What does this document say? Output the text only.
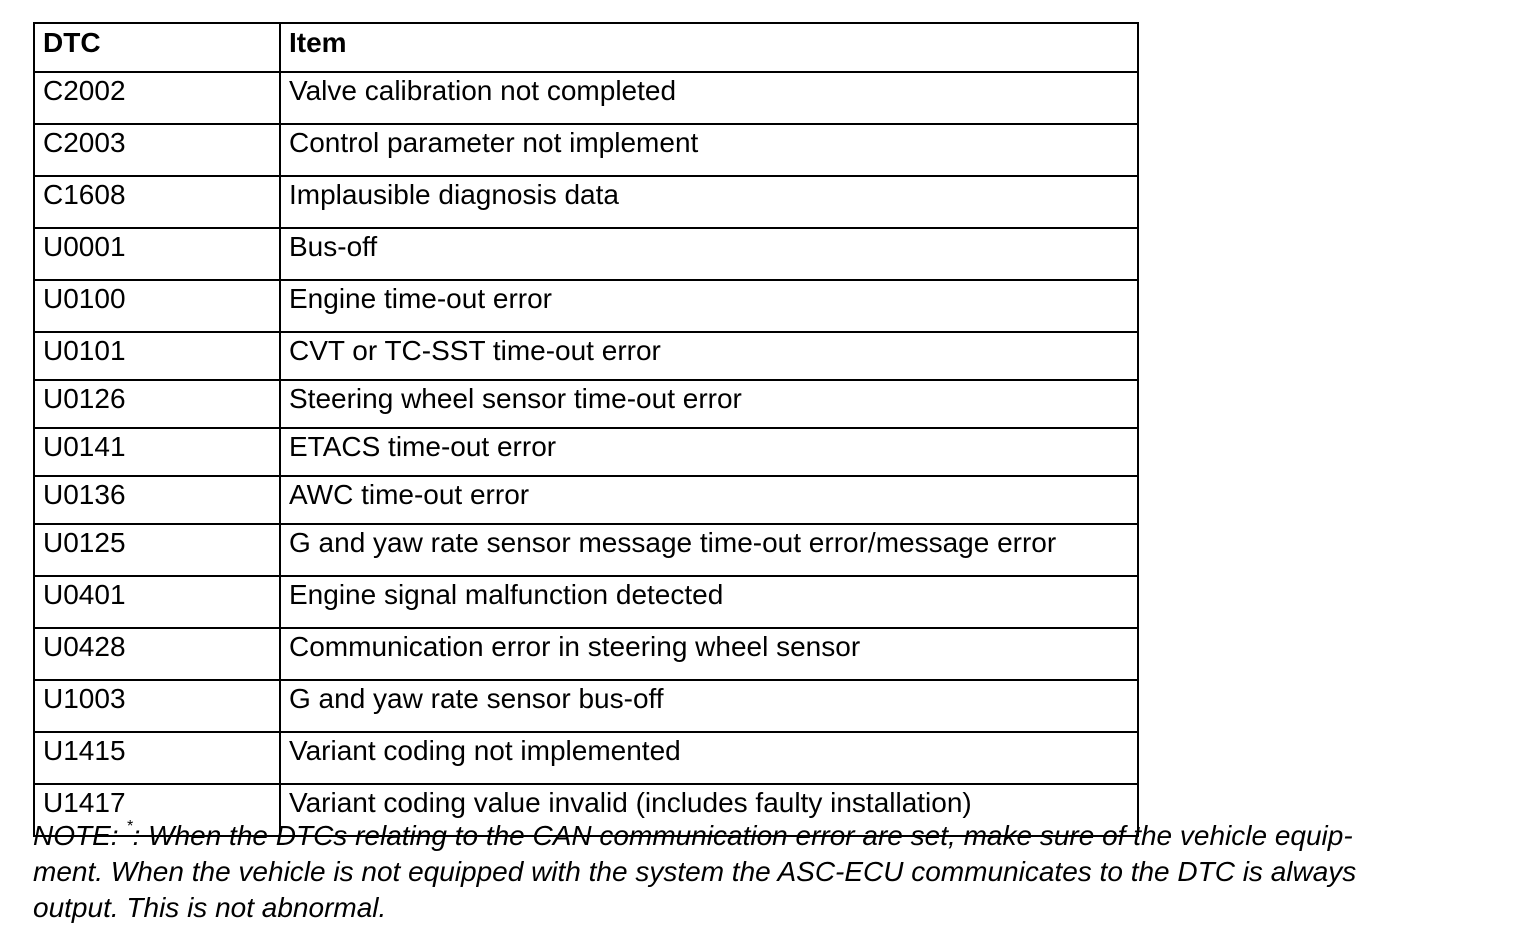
DTC	Item
C2002	Valve calibration not completed
C2003	Control parameter not implement
C1608	Implausible diagnosis data
U0001	Bus-off
U0100	Engine time-out error
U0101	CVT or TC-SST time-out error
U0126	Steering wheel sensor time-out error
U0141	ETACS time-out error
U0136	AWC time-out error
U0125	G and yaw rate sensor message time-out error/message error
U0401	Engine signal malfunction detected
U0428	Communication error in steering wheel sensor
U1003	G and yaw rate sensor bus-off
U1415	Variant coding not implemented
U1417	Variant coding value invalid (includes faulty installation)

NOTE: *: When the DTCs relating to the CAN communication error are set, make sure of the vehicle equip-
ment. When the vehicle is not equipped with the system the ASC-ECU communicates to the DTC is always
output. This is not abnormal.
